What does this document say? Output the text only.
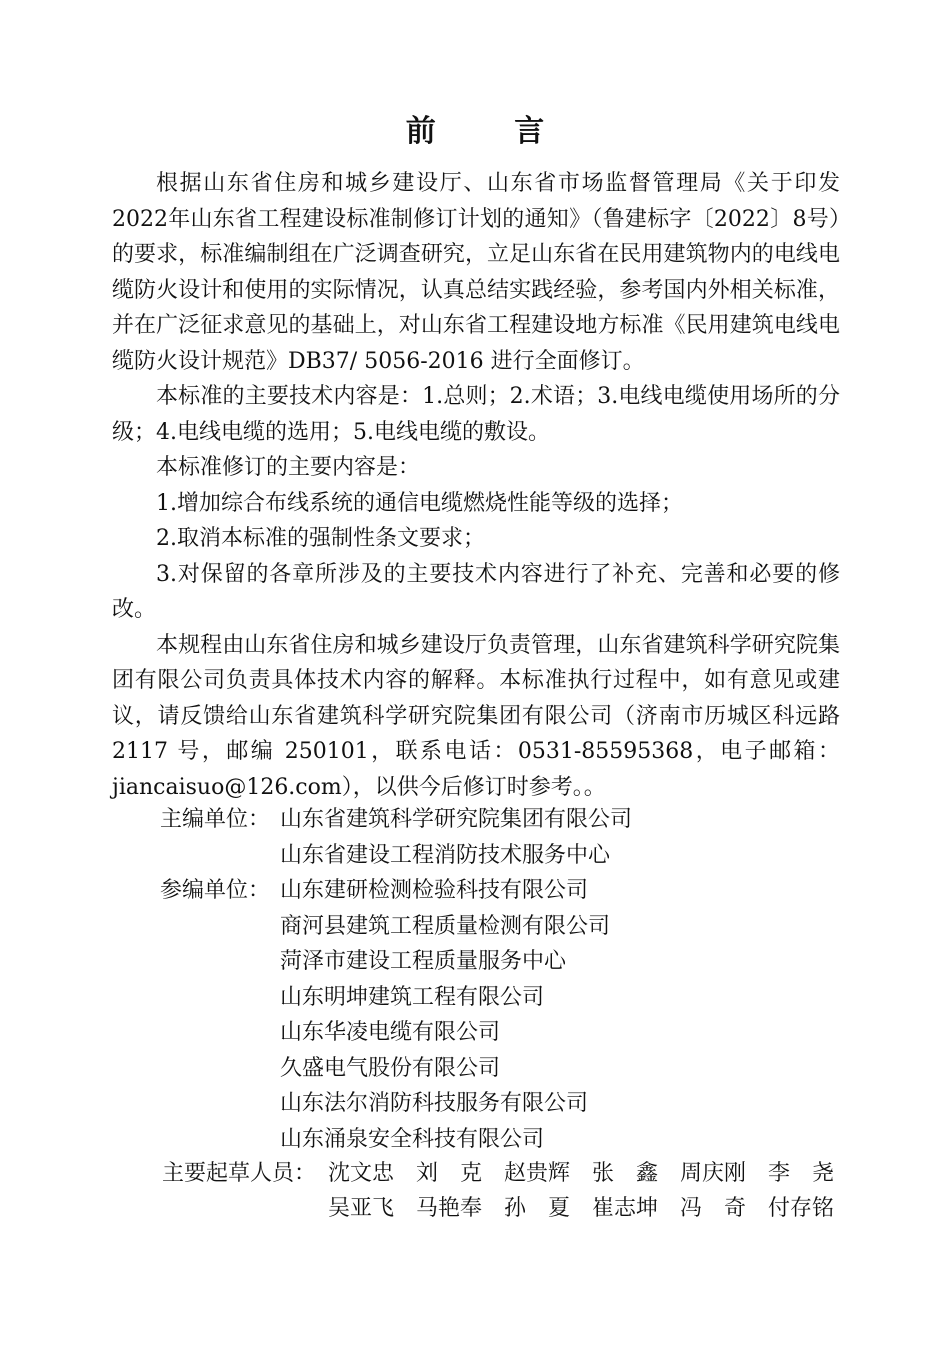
前 言

根据山东省住房和城乡建设厅、山东省市场监督管理局《关于印发2022年山东省工程建设标准制修订计划的通知》（鲁建标字〔2022〕8号）的要求，标准编制组在广泛调查研究，立足山东省在民用建筑物内的电线电缆防火设计和使用的实际情况，认真总结实践经验，参考国内外相关标准，并在广泛征求意见的基础上，对山东省工程建设地方标准《民用建筑电线电缆防火设计规范》DB37/ 5056-2016 进行全面修订。

本标准的主要技术内容是：1.总则；2.术语；3.电线电缆使用场所的分级；4.电线电缆的选用；5.电线电缆的敷设。

本标准修订的主要内容是：

1.增加综合布线系统的通信电缆燃烧性能等级的选择；

2.取消本标准的强制性条文要求；

3.对保留的各章所涉及的主要技术内容进行了补充、完善和必要的修改。

本规程由山东省住房和城乡建设厅负责管理，山东省建筑科学研究院集团有限公司负责具体技术内容的解释。本标准执行过程中，如有意见或建议，请反馈给山东省建筑科学研究院集团有限公司（济南市历城区科远路 2117 号，邮编 250101，联系电话：0531-85595368，电子邮箱：jiancaisuo@126.com），以供今后修订时参考。。

主编单位： 山东省建筑科学研究院集团有限公司
山东省建设工程消防技术服务中心
参编单位： 山东建研检测检验科技有限公司
商河县建筑工程质量检测有限公司
菏泽市建设工程质量服务中心
山东明坤建筑工程有限公司
山东华凌电缆有限公司
久盛电气股份有限公司
山东法尔消防科技服务有限公司
山东涌泉安全科技有限公司
主要起草人员： 沈文忠 刘　克 赵贵辉 张　鑫 周庆刚 李　尧
吴亚飞 马艳奉 孙　夏 崔志坤 冯　奇 付存铭
